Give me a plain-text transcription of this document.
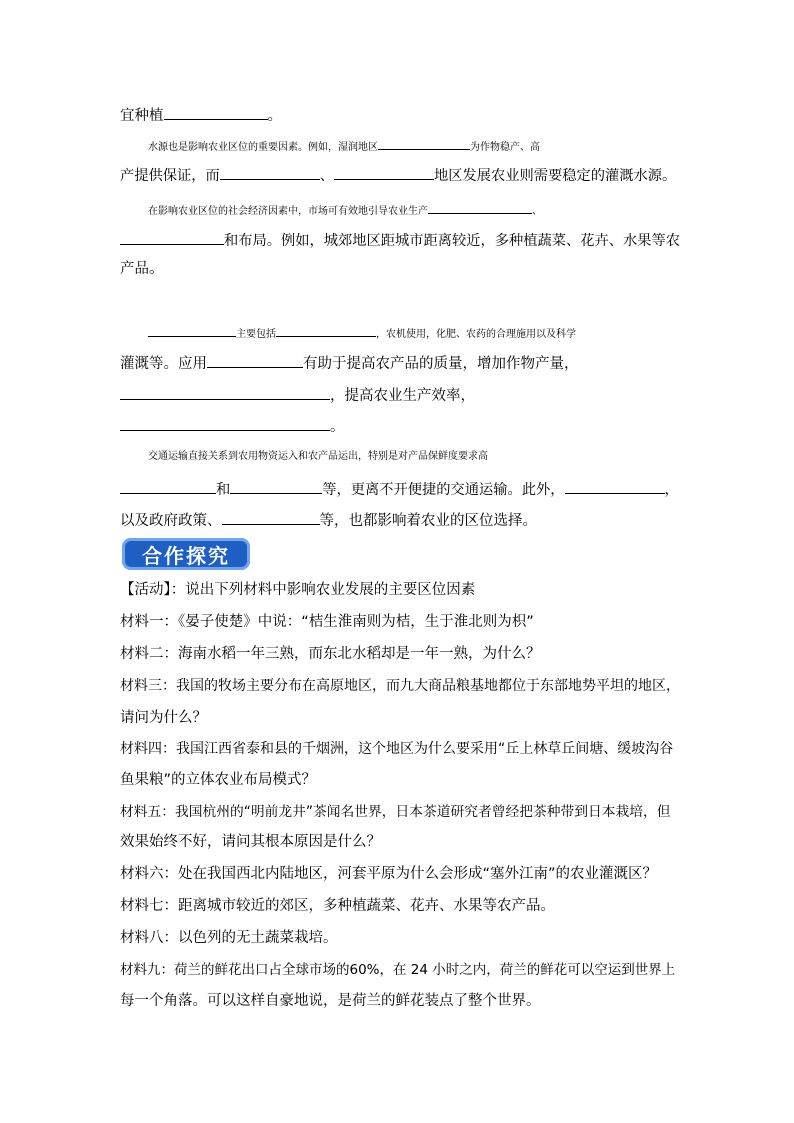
宜种植	。
水源也是影响农业区位的重要因素。例如，湿润地区	为作物稳产、高
产提供保证，而	、	地区发展农业则需要稳定的灌溉水源。
在影响农业区位的社会经济因素中，市场可有效地引导农业生产	、
和布局。例如，城郊地区距城市距离较近，多种植蔬菜、花卉、水果等农
产品。
主要包括	，农机使用，化肥、农药的合理施用以及科学
灌溉等。应用	有助于提高农产品的质量，增加作物产量，
，提高农业生产效率，
。
交通运输直接关系到农用物资运入和农产品运出，特别是对产品保鲜度要求高
和	等，更离不开便捷的交通运输。此外，	，
以及政府政策、	等，也都影响着农业的区位选择。
合作探究
【活动】：说出下列材料中影响农业发展的主要区位因素
材料一：《晏子使楚》中说：“桔生淮南则为桔，生于淮北则为枳”
材料二：海南水稻一年三熟，而东北水稻却是一年一熟，为什么？
材料三：我国的牧场主要分布在高原地区，而九大商品粮基地都位于东部地势平坦的地区，
请问为什么？
材料四：我国江西省泰和县的千烟洲，这个地区为什么要采用“丘上林草丘间塘、缓坡沟谷
鱼果粮”的立体农业布局模式？
材料五：我国杭州的“明前龙井”茶闻名世界，日本茶道研究者曾经把茶种带到日本栽培，但
效果始终不好，请问其根本原因是什么？
材料六：处在我国西北内陆地区，河套平原为什么会形成“塞外江南”的农业灌溉区？
材料七：距离城市较近的郊区，多种植蔬菜、花卉、水果等农产品。
材料八：以色列的无土蔬菜栽培。
材料九：荷兰的鲜花出口占全球市场的60%，在 24 小时之内，荷兰的鲜花可以空运到世界上
每一个角落。可以这样自豪地说，是荷兰的鲜花装点了整个世界。
